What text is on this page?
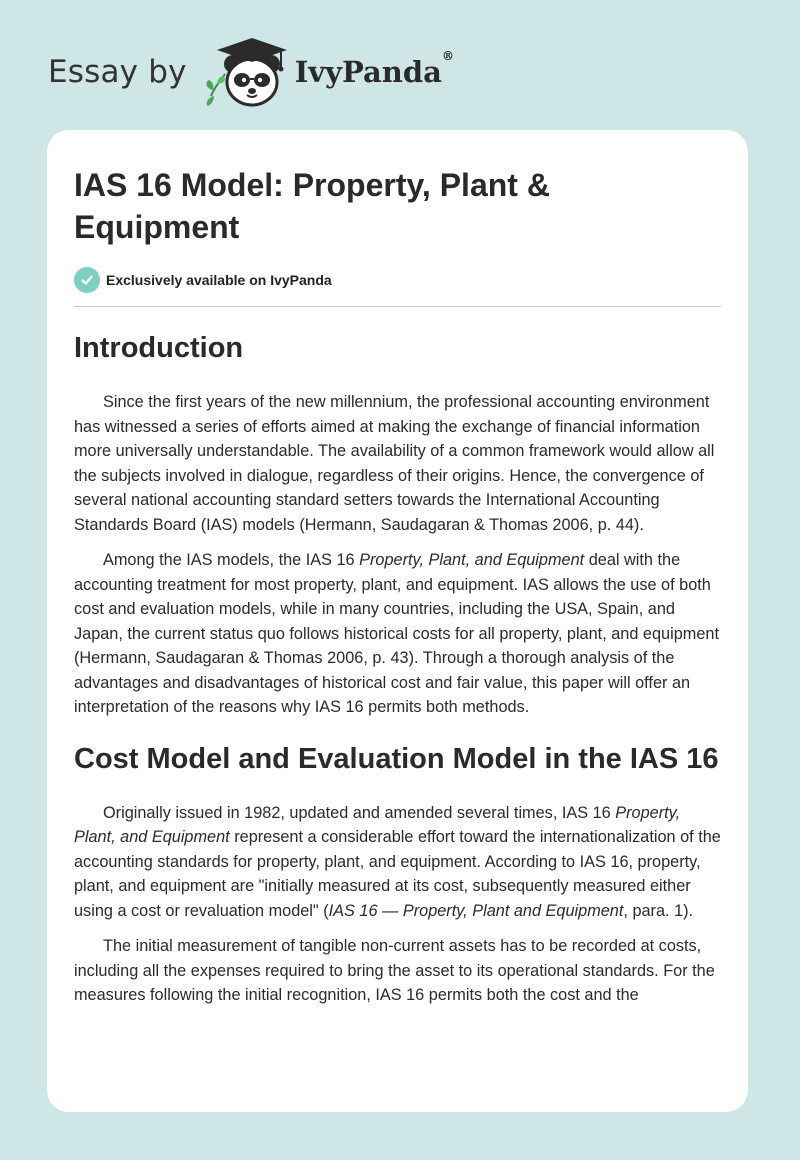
Essay by	IvyPanda®
IAS 16 Model: Property, Plant &
Equipment
Exclusively available on IvyPanda
Introduction

Since the first years of the new millennium, the professional accounting environment has witnessed a series of efforts aimed at making the exchange of financial information more universally understandable. The availability of a common framework would allow all the subjects involved in dialogue, regardless of their origins. Hence, the convergence of several national accounting standard setters towards the International Accounting Standards Board (IAS) models (Hermann, Saudagaran & Thomas 2006, p. 44).

Among the IAS models, the IAS 16 Property, Plant, and Equipment deal with the accounting treatment for most property, plant, and equipment. IAS allows the use of both cost and evaluation models, while in many countries, including the USA, Spain, and Japan, the current status quo follows historical costs for all property, plant, and equipment (Hermann, Saudagaran & Thomas 2006, p. 43). Through a thorough analysis of the advantages and disadvantages of historical cost and fair value, this paper will offer an interpretation of the reasons why IAS 16 permits both methods.

Cost Model and Evaluation Model in the IAS 16

Originally issued in 1982, updated and amended several times, IAS 16 Property, Plant, and Equipment represent a considerable effort toward the internationalization of the accounting standards for property, plant, and equipment. According to IAS 16, property, plant, and equipment are "initially measured at its cost, subsequently measured either using a cost or revaluation model" (IAS 16 — Property, Plant and Equipment, para. 1).

The initial measurement of tangible non-current assets has to be recorded at costs, including all the expenses required to bring the asset to its operational standards. For the measures following the initial recognition, IAS 16 permits both the cost and the
